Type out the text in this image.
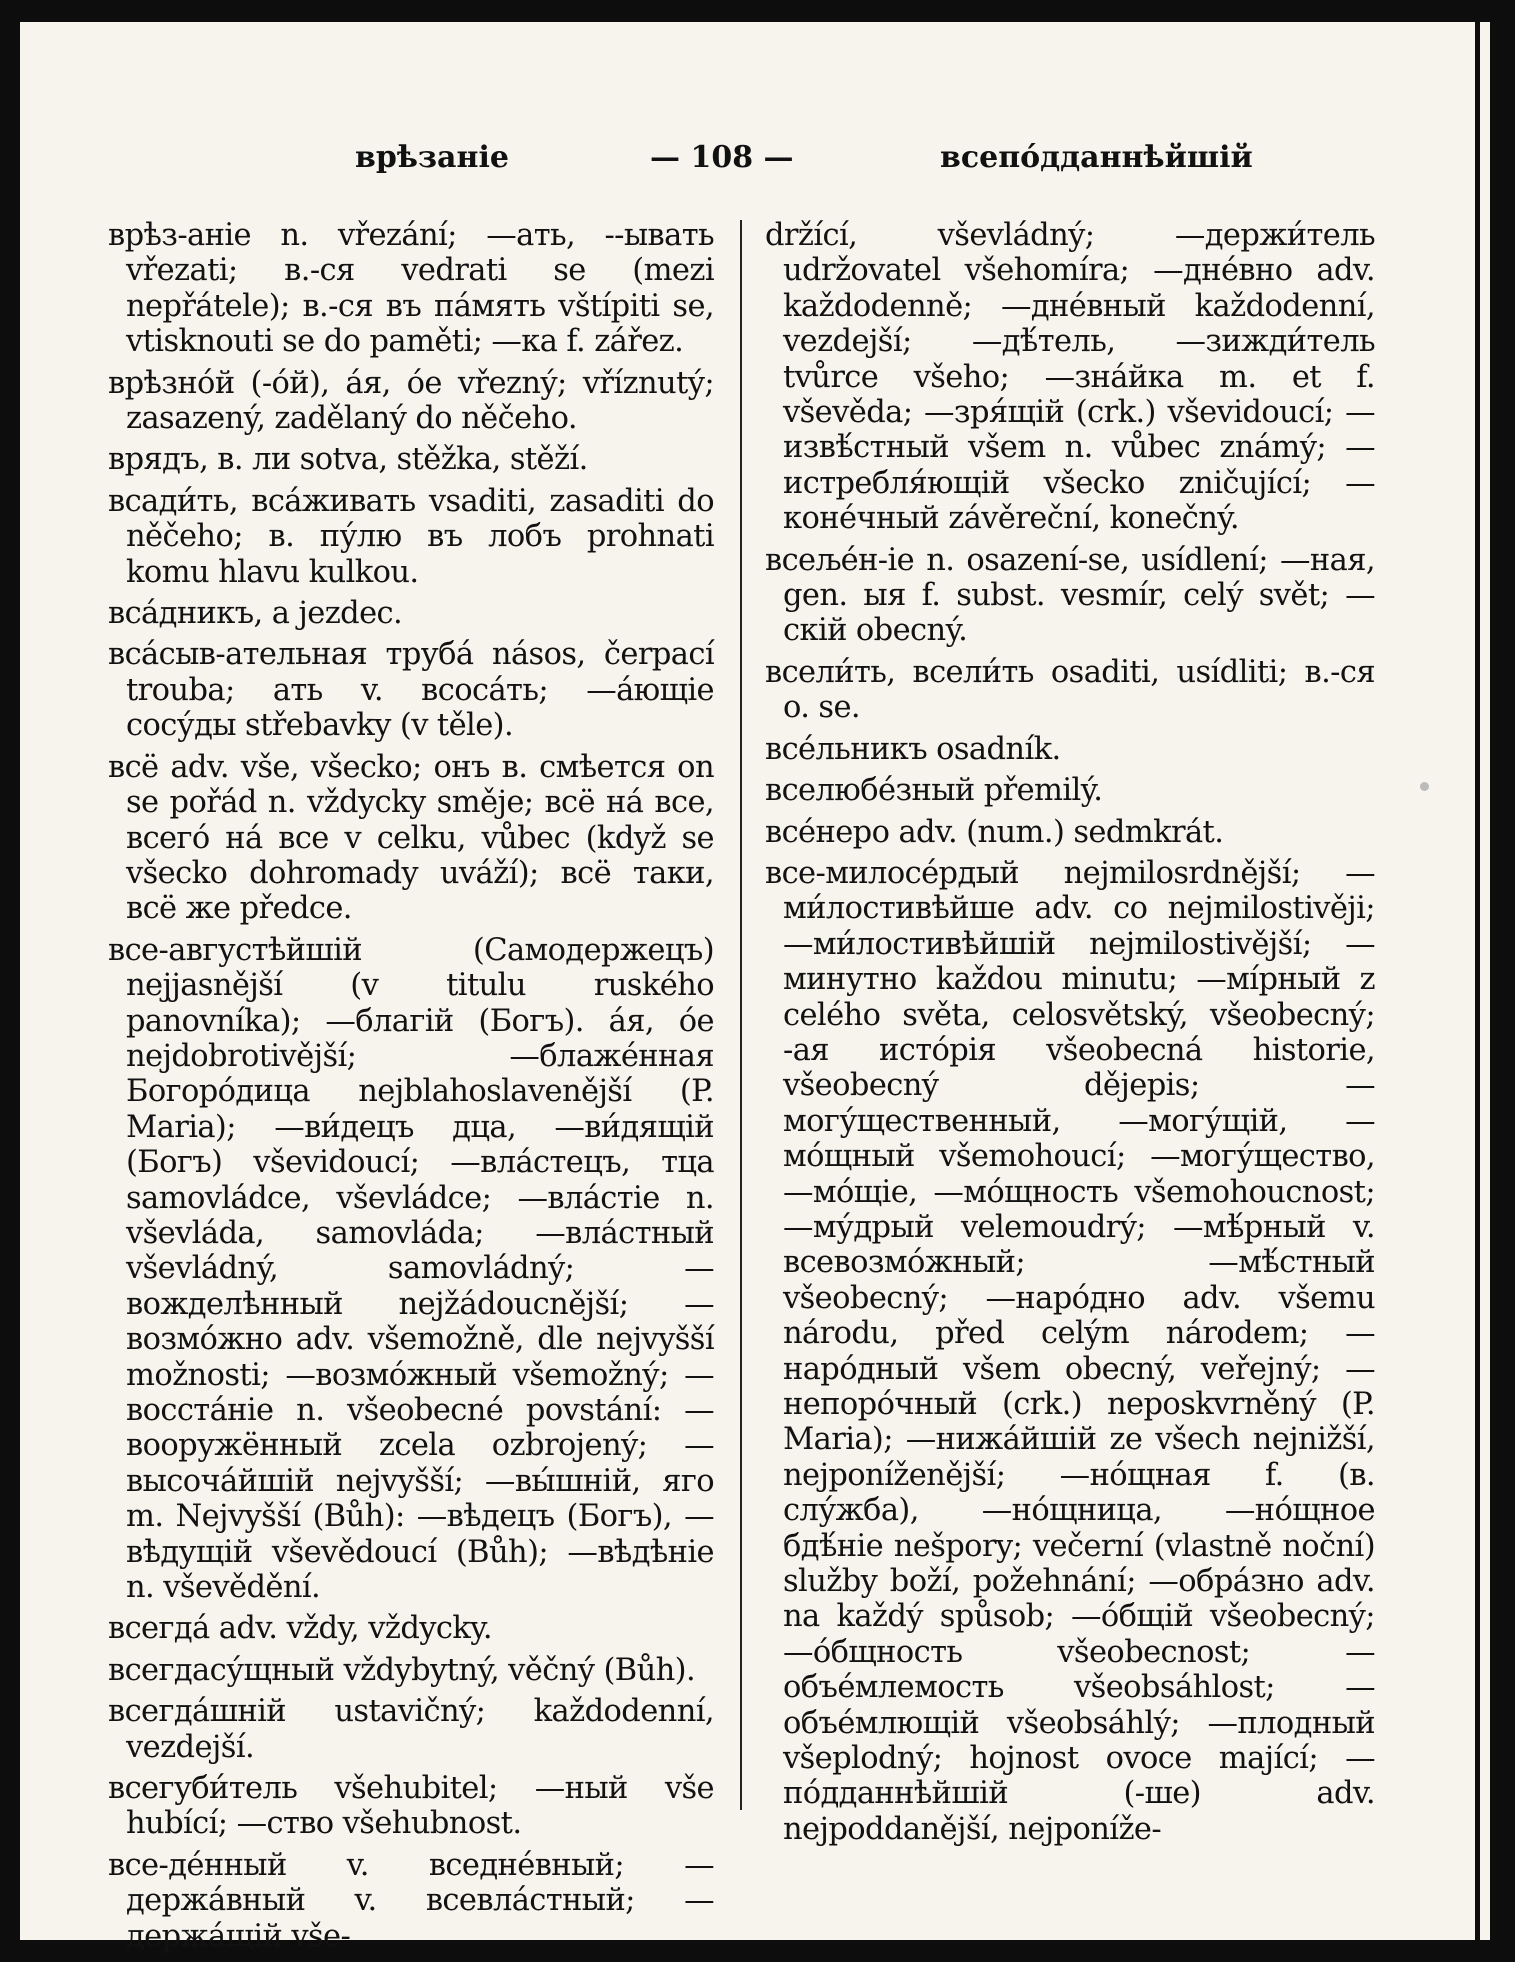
врѣзаніе	— 108 —	всепо́дданнѣйшій

врѣз-аніе n. vřezání; —ать, --ывать vřezati; в.-ся vedrati se (mezi nepřátele); в.-ся въ па́мять vštípiti se, vtisknouti se do paměti; —ка f. zářez.

врѣзно́й (-о́й), а́я, о́е vřezný; vříznutý; zasazený, zadělaný do něčeho.

врядъ, в. ли sotva, stěžka, stěží.

всади́ть, вса́живать vsaditi, zasaditi do něčeho; в. пу́лю въ лобъ prohnati komu hlavu kulkou.

вса́дникъ, a jezdec.

вса́сыв-ательная труба́ násos, čerpací trouba; ать v. всоса́ть; —а́ющіе сосу́ды střebavky (v těle).

всё adv. vše, všecko; онъ в. смѣется on se pořád n. vždycky směje; всё на́ все, всего́ на́ все v celku, vůbec (když se všecko dohromady uváží); всё таки, всё же předce.

все-августѣйшій (Самодержецъ) nejjasnější (v titulu ruského panovníka); —благій (Богъ). а́я, о́е nejdobrotivější; —блаже́нная Богоро́дица nejblahoslavenější (P. Maria); —ви́децъ дца, —ви́дящій (Богъ) vševidoucí; —вла́стецъ, тца samovládce, vševládce; —вла́стіе n. vševláda, samovláda; —вла́стный vševládný, samovládný; —вожделѣнный nejžádoucnější; —возмо́жно adv. všemožně, dle nejvyšší možnosti; —возмо́жный všemožný; —восста́ніе n. všeobecné povstání: —вооружённый zcela ozbrojený; —высоча́йшій nejvyšší; —вы́шній, яго m. Nejvyšší (Bůh): —вѣдецъ (Богъ), —вѣдущій vševědoucí (Bůh); —вѣдѣніе n. vševědění.

всегда́ adv. vždy, vždycky.

всегдасу́щный vždybytný, věčný (Bůh).

всегда́шній ustavičný; každodenní, vezdejší.

всегуби́тель všehubitel; —ный vše hubící; —ство všehubnost.

все-де́нный v. вседне́вный; —держа́вный v. всевла́стный; —держа́щій vše-

držící, vševládný; —держи́тель udržovatel všehomíra; —дне́вно adv. každodenně; —дне́вный každodenní, vezdejší; —дѣ́тель, —зижди́тель tvůrce všeho; —зна́йка m. et f. vševěda; —зря́щій (crk.) vševidoucí; —извѣ́стный všem n. vůbec známý; —истребля́ющій všecko zničující; —коне́чный závěreční, konečný.

всеље́н-іе n. osazení-se, usídlení; —ная, gen. ыя f. subst. vesmír, celý svět; —скій obecný.

всели́ть, всели́ть osaditi, usídliti; в.-ся o. se.

все́льникъ osadník.

вселюбе́зный přemilý.

все́неро adv. (num.) sedmkrát.

все-милосе́рдый nejmilosrdnější; —ми́лостивѣйше adv. co nejmilostivěji; —ми́лостивѣйшій nejmilostivější; —минутно každou minutu; —мі́рный z celého světa, celosvětský, všeobecný; -ая исто́рія všeobecná historie, všeobecný dějepis; —могу́щественный, —могу́щій, —мо́щный všemohoucí; —могу́щество, —мо́щіе, —мо́щность všemohoucnost; —му́дрый velemoudrý; —мѣ́рный v. всевозмо́жный; —мѣ́стный všeobecný; —наро́дно adv. všemu národu, před celým národem; —наро́дный všem obecný, veřejný; —непоро́чный (crk.) neposkvrněný (P. Maria); —нижа́йшій ze všech nejnižší, nejponíženější; —но́щная f. (в. слу́жба), —но́щница, —но́щное бдѣ́ніе nešpory; večerní (vlastně noční) služby boží, požehnání; —обра́зно adv. na každý spůsob; —о́бщій všeobecný; —о́бщность všeobecnost; —объе́млемость všeobsáhlost; —объе́млющій všeobsáhlý; —плодный všeplodný; hojnost ovoce mající; —по́дданнѣйшій (-ше) adv. nejpoddanější, nejponíže-
